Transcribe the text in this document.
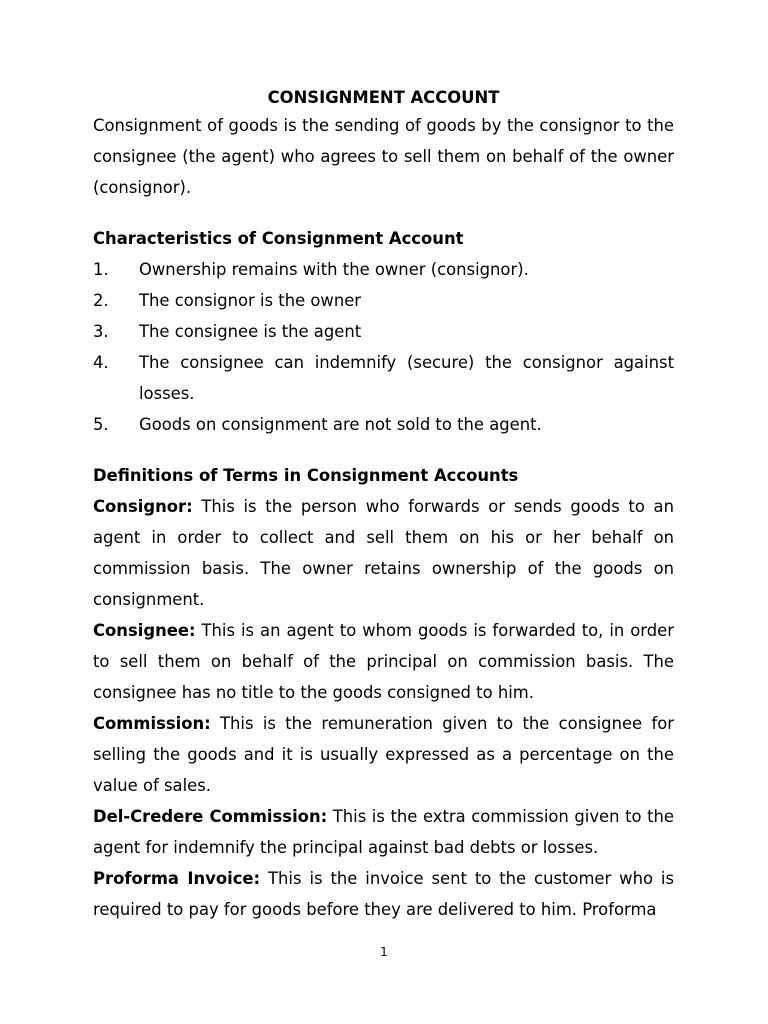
CONSIGNMENT ACCOUNT

Consignment of goods is the sending of goods by the consignor to the consignee (the agent) who agrees to sell them on behalf of the owner (consignor).

Characteristics of Consignment Account

1.	Ownership remains with the owner (consignor).
2.	The consignor is the owner
3.	The consignee is the agent
4.	The consignee can indemnify (secure) the consignor against losses.
5.	Goods on consignment are not sold to the agent.

Definitions of Terms in Consignment Accounts

Consignor: This is the person who forwards or sends goods to an agent in order to collect and sell them on his or her behalf on commission basis. The owner retains ownership of the goods on consignment.

Consignee: This is an agent to whom goods is forwarded to, in order to sell them on behalf of the principal on commission basis. The consignee has no title to the goods consigned to him.

Commission: This is the remuneration given to the consignee for selling the goods and it is usually expressed as a percentage on the value of sales.

Del-Credere Commission: This is the extra commission given to the agent for indemnify the principal against bad debts or losses.

Proforma Invoice: This is the invoice sent to the customer who is required to pay for goods before they are delivered to him. Proforma

1
